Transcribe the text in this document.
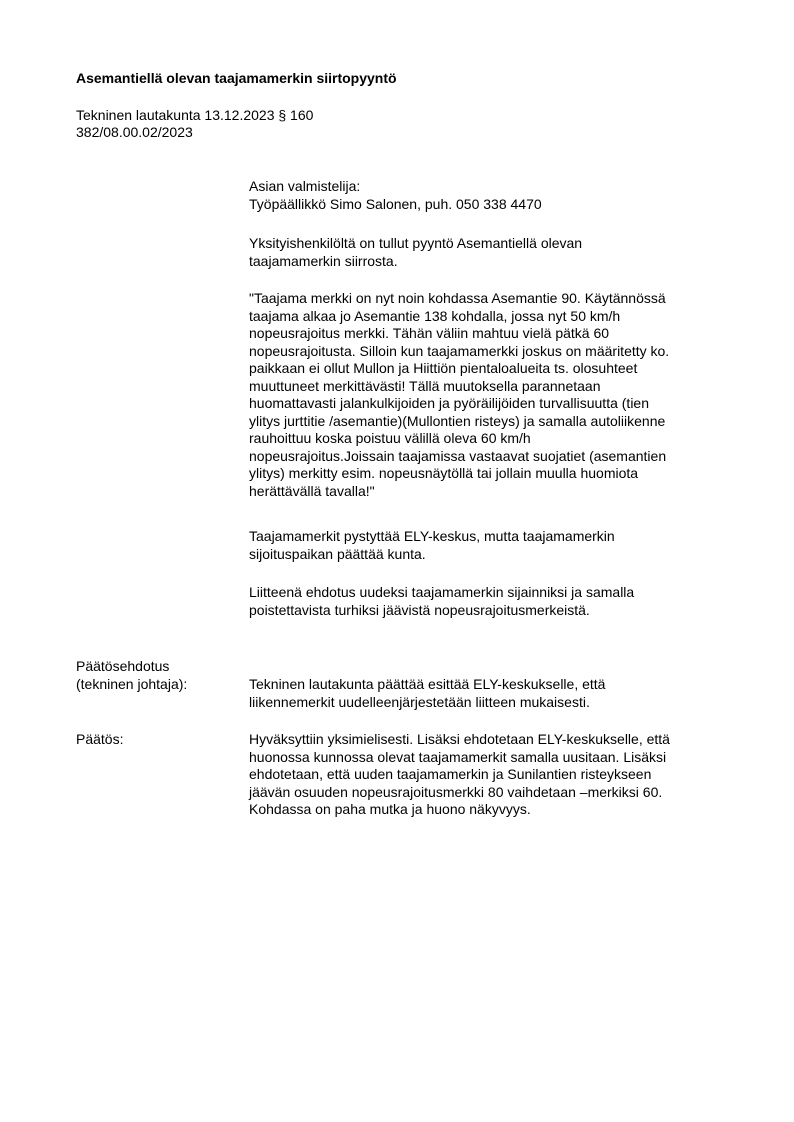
Asemantiellä olevan taajamamerkin siirtopyyntö
Tekninen lautakunta 13.12.2023 § 160
382/08.00.02/2023
Asian valmistelija:
Työpäällikkö Simo Salonen, puh. 050 338 4470
Yksityishenkilöltä on tullut pyyntö Asemantiellä olevan
taajamamerkin siirrosta.
"Taajama merkki on nyt noin kohdassa Asemantie 90. Käytännössä
taajama alkaa jo Asemantie 138 kohdalla, jossa nyt 50 km/h
nopeusrajoitus merkki. Tähän väliin mahtuu vielä pätkä 60
nopeusrajoitusta. Silloin kun taajamamerkki joskus on määritetty ko.
paikkaan ei ollut Mullon ja Hiittiön pientaloalueita ts. olosuhteet
muuttuneet merkittävästi! Tällä muutoksella parannetaan
huomattavasti jalankulkijoiden ja pyöräilijöiden turvallisuutta (tien
ylitys jurttitie /asemantie)(Mullontien risteys) ja samalla autoliikenne
rauhoittuu koska poistuu välillä oleva 60 km/h
nopeusrajoitus.Joissain taajamissa vastaavat suojatiet (asemantien
ylitys) merkitty esim. nopeusnäytöllä tai jollain muulla huomiota
herättävällä tavalla!"
Taajamamerkit pystyttää ELY-keskus, mutta taajamamerkin
sijoituspaikan päättää kunta.
Liitteenä ehdotus uudeksi taajamamerkin sijainniksi ja samalla
poistettavista turhiksi jäävistä nopeusrajoitusmerkeistä.
Päätösehdotus
(tekninen johtaja):	Tekninen lautakunta päättää esittää ELY-keskukselle, että
liikennemerkit uudelleenjärjestetään liitteen mukaisesti.
Päätös:	Hyväksyttiin yksimielisesti. Lisäksi ehdotetaan ELY-keskukselle, että
huonossa kunnossa olevat taajamamerkit samalla uusitaan. Lisäksi
ehdotetaan, että uuden taajamamerkin ja Sunilantien risteykseen
jäävän osuuden nopeusrajoitusmerkki 80 vaihdetaan –merkiksi 60.
Kohdassa on paha mutka ja huono näkyvyys.
